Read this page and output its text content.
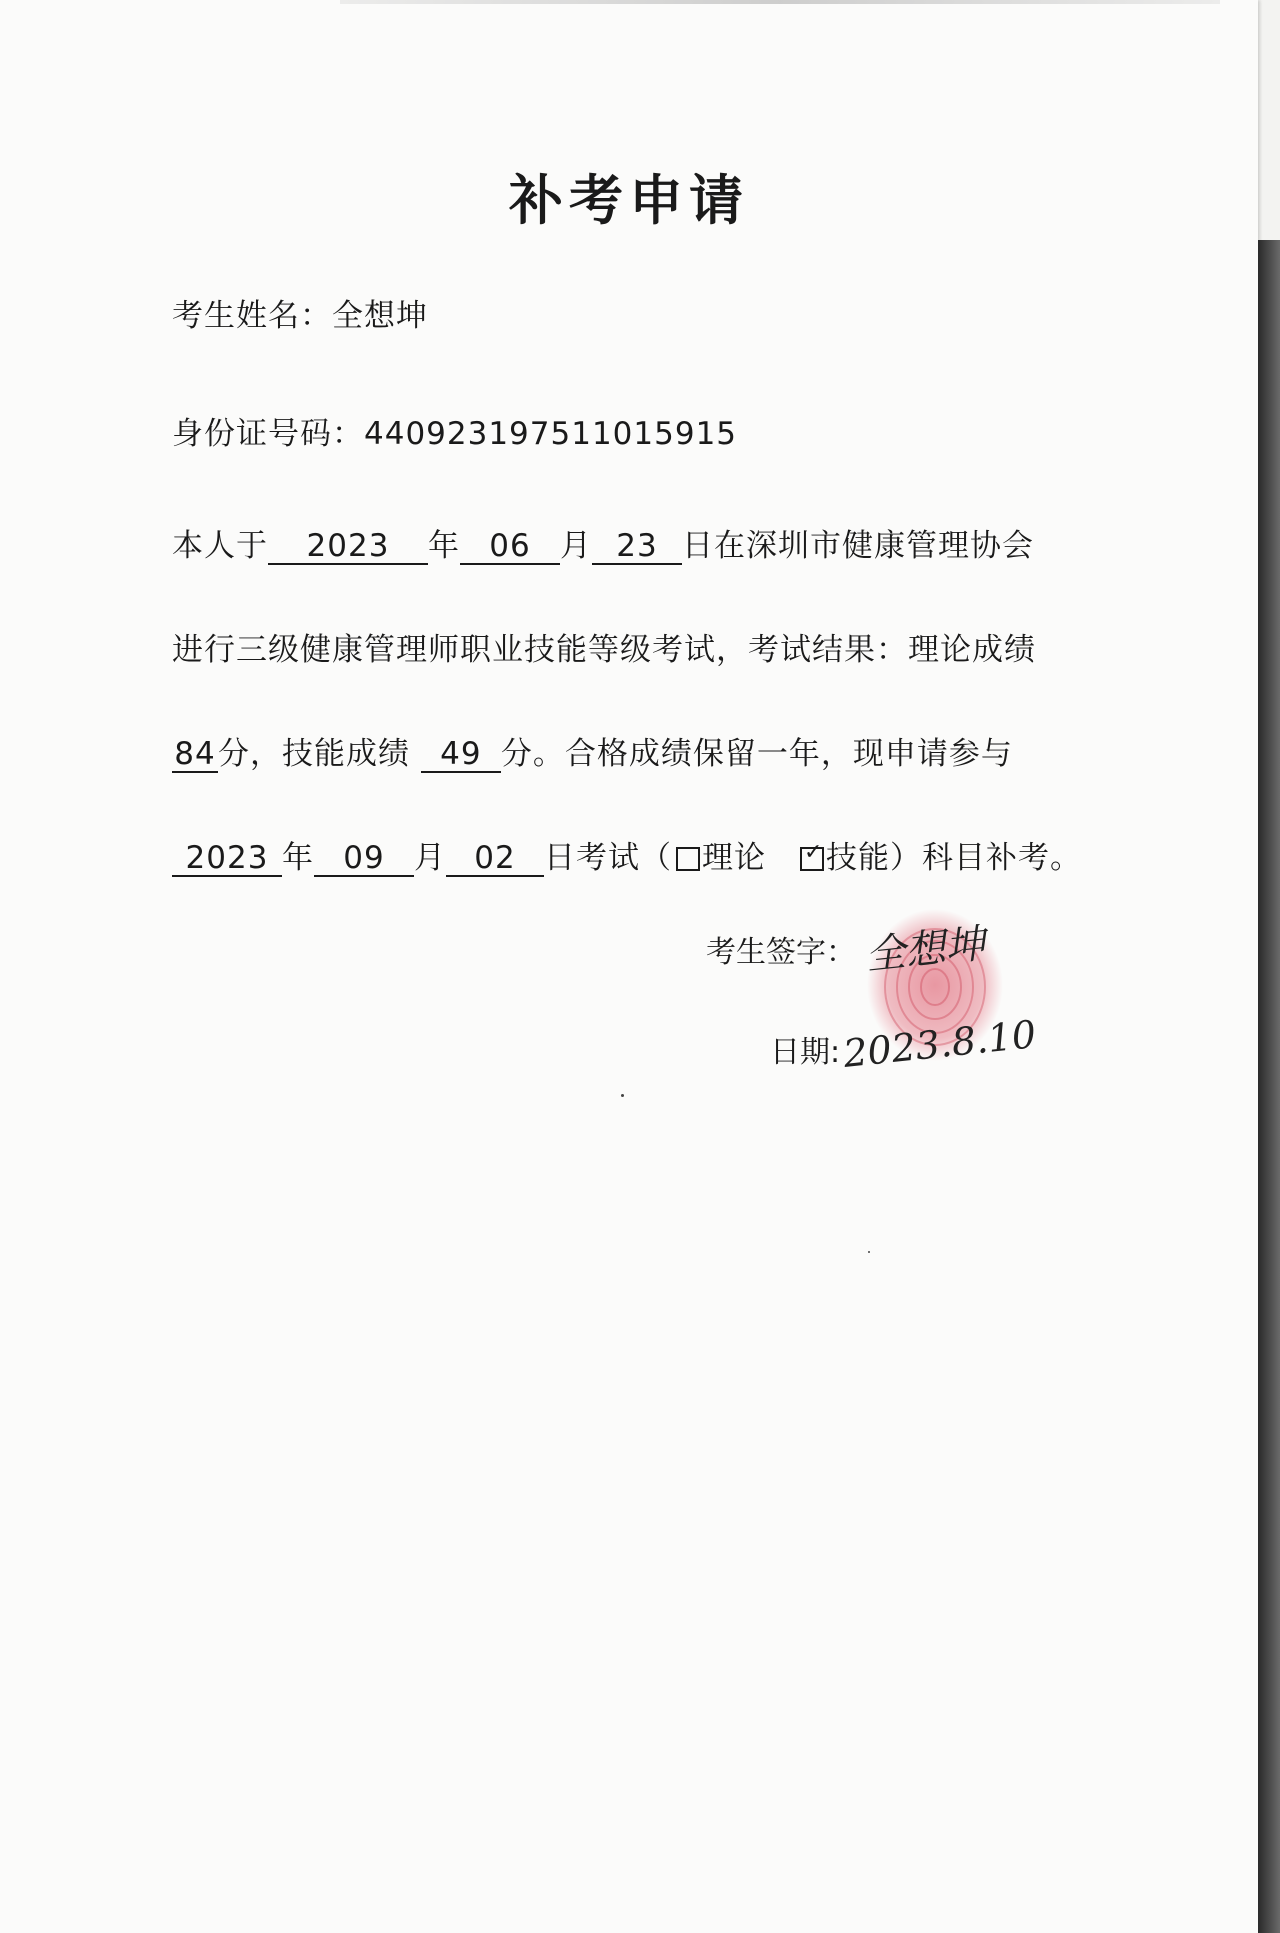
补考申请
考生姓名：全想坤
身份证号码：440923197511015915
本人于 2023 年 06 月 23 日在深圳市健康管理协会
进行三级健康管理师职业技能等级考试，考试结果：理论成绩
84分，技能成绩 49 分。合格成绩保留一年，现申请参与
2023 年 09 月 02 日考试（ 理论 ✓ 技能）科目补考。
考生签字： 全想坤
日期: 2023.8.10
